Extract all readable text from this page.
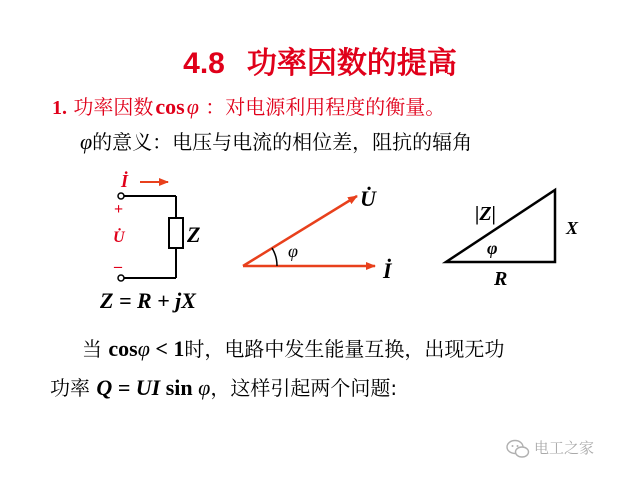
4.8 功率因数的提高
1. 功率因数cosφ ：对电源利用程度的衡量。
φ的意义：电压与电流的相位差，阻抗的辐角
İ
+
U̇
–
Z
φ
U̇
İ
|Z|
X
R
φ
Z = R + jX
当 cosφ < 1时，电路中发生能量互换，出现无功
功率 Q = UI sin φ，这样引起两个问题:
电工之家
